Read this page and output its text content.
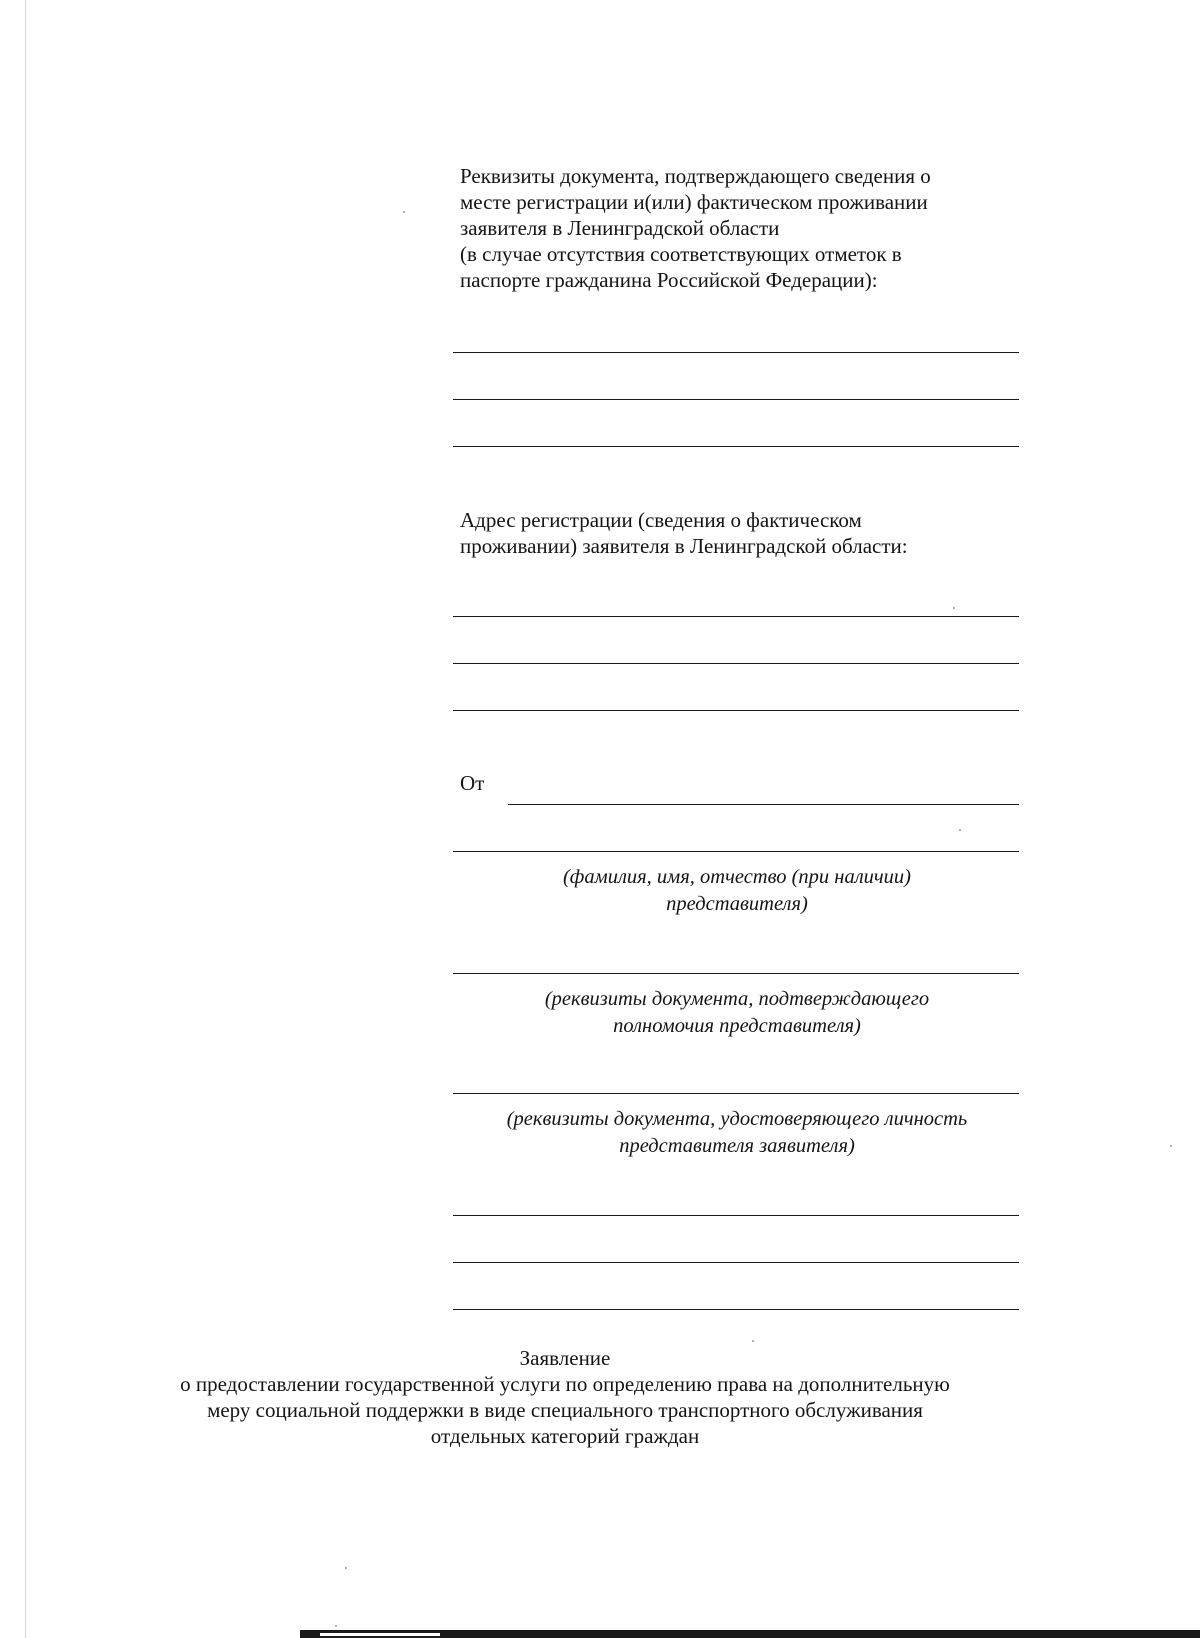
Реквизиты документа, подтверждающего сведения о
месте регистрации и(или) фактическом проживании
заявителя в Ленинградской области
(в случае отсутствия соответствующих отметок в
паспорте гражданина Российской Федерации):
Адрес регистрации (сведения о фактическом
проживании) заявителя в Ленинградской области:
От
(фамилия, имя, отчество (при наличии)
представителя)
(реквизиты документа, подтверждающего
полномочия представителя)
(реквизиты документа, удостоверяющего личность
представителя заявителя)
Заявление
о предоставлении государственной услуги по определению права на дополнительную
меру социальной поддержки в виде специального транспортного обслуживания
отдельных категорий граждан
